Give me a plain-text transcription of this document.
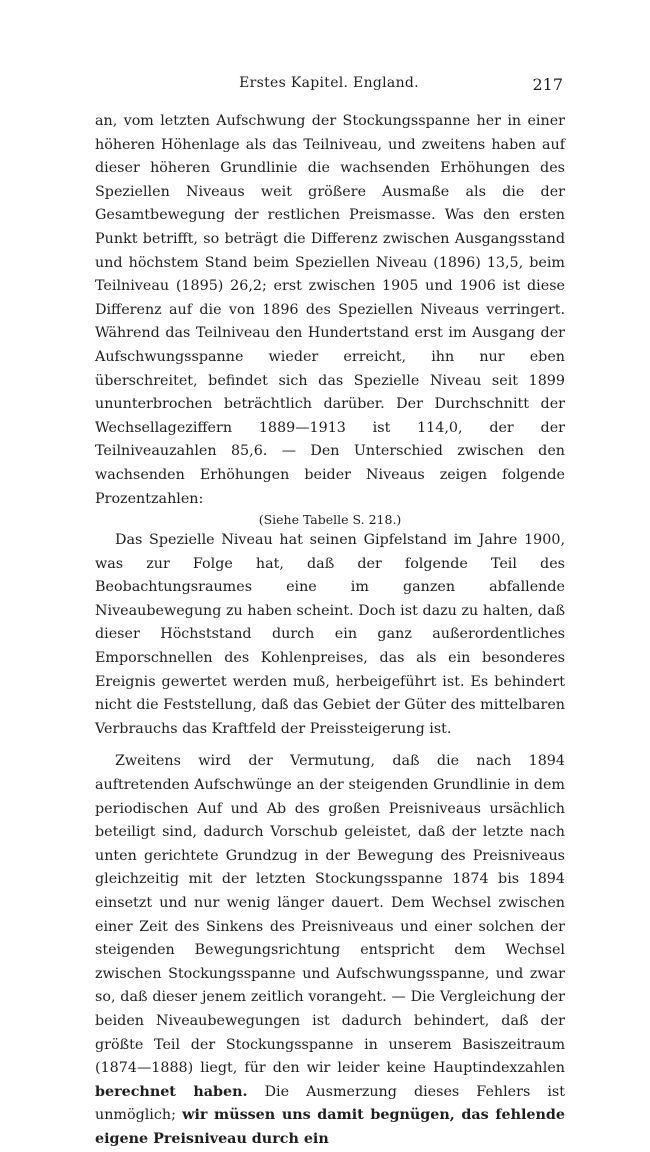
Erstes Kapitel. England.	217

an, vom letzten Aufschwung der Stockungsspanne her in einer höheren Höhenlage als das Teilniveau, und zweitens haben auf dieser höheren Grundlinie die wachsenden Erhöhungen des Speziellen Niveaus weit größere Ausmaße als die der Gesamtbewegung der restlichen Preismasse. Was den ersten Punkt betrifft, so beträgt die Differenz zwischen Ausgangsstand und höchstem Stand beim Speziellen Niveau (1896) 13,5, beim Teilniveau (1895) 26,2; erst zwischen 1905 und 1906 ist diese Differenz auf die von 1896 des Speziellen Niveaus verringert. Während das Teilniveau den Hundertstand erst im Ausgang der Aufschwungsspanne wieder erreicht, ihn nur eben überschreitet, befindet sich das Spezielle Niveau seit 1899 ununterbrochen beträchtlich darüber. Der Durchschnitt der Wechsellageziffern 1889—1913 ist 114,0, der der Teilniveauzahlen 85,6. — Den Unterschied zwischen den wachsenden Erhöhungen beider Niveaus zeigen folgende Prozentzahlen:

(Siehe Tabelle S. 218.)

Das Spezielle Niveau hat seinen Gipfelstand im Jahre 1900, was zur Folge hat, daß der folgende Teil des Beobachtungsraumes eine im ganzen abfallende Niveaubewegung zu haben scheint. Doch ist dazu zu halten, daß dieser Höchststand durch ein ganz außerordentliches Emporschnellen des Kohlenpreises, das als ein besonderes Ereignis gewertet werden muß, herbeigeführt ist. Es behindert nicht die Feststellung, daß das Gebiet der Güter des mittelbaren Verbrauchs das Kraftfeld der Preissteigerung ist.

Zweitens wird der Vermutung, daß die nach 1894 auftretenden Aufschwünge an der steigenden Grundlinie in dem periodischen Auf und Ab des großen Preisniveaus ursächlich beteiligt sind, dadurch Vorschub geleistet, daß der letzte nach unten gerichtete Grundzug in der Bewegung des Preisniveaus gleichzeitig mit der letzten Stockungsspanne 1874 bis 1894 einsetzt und nur wenig länger dauert. Dem Wechsel zwischen einer Zeit des Sinkens des Preisniveaus und einer solchen der steigenden Bewegungsrichtung entspricht dem Wechsel zwischen Stockungsspanne und Aufschwungsspanne, und zwar so, daß dieser jenem zeitlich vorangeht. — Die Vergleichung der beiden Niveaubewegungen ist dadurch behindert, daß der größte Teil der Stockungsspanne in unserem Basiszeitraum (1874—1888) liegt, für den wir leider keine Hauptindexzahlen berechnet haben. Die Ausmerzung dieses Fehlers ist unmöglich; wir müssen uns damit begnügen, das fehlende eigene Preisniveau durch ein
